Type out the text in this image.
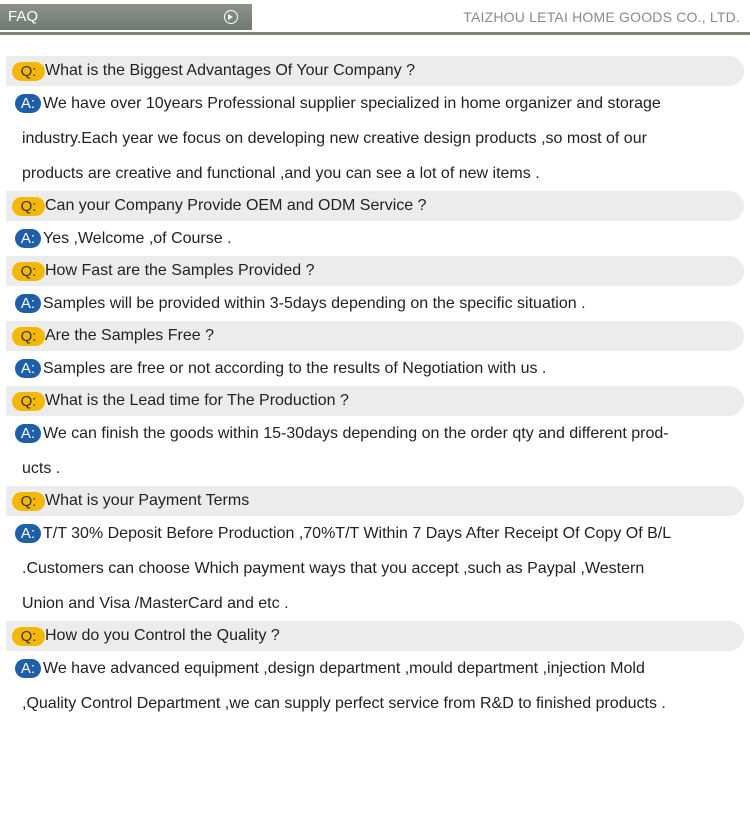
FAQ	TAIZHOU LETAI HOME GOODS CO., LTD.
Q: What is the Biggest Advantages Of Your Company ?
A: We have over 10years Professional supplier specialized in home organizer and storage
industry.Each year we focus on developing new creative design products ,so most of our
products are creative and functional ,and you can see a lot of new items .
Q: Can your Company Provide OEM and ODM Service ?
A: Yes ,Welcome ,of Course .
Q: How Fast are the Samples Provided ?
A: Samples will be provided within 3-5days depending on the specific situation .
Q: Are the Samples Free ?
A: Samples are free or not according to the results of Negotiation with us .
Q: What is the Lead time for The Production ?
A: We can finish the goods within 15-30days depending on the order qty and different prod-
ucts .
Q: What is your Payment Terms
A: T/T 30% Deposit Before Production ,70%T/T Within 7 Days After Receipt Of Copy Of B/L
.Customers can choose Which payment ways that you accept ,such as Paypal ,Western
Union and Visa /MasterCard and etc .
Q: How do you Control the Quality ?
A: We have advanced equipment ,design department ,mould department ,injection Mold
,Quality Control Department ,we can supply perfect service from R&D to finished products .
